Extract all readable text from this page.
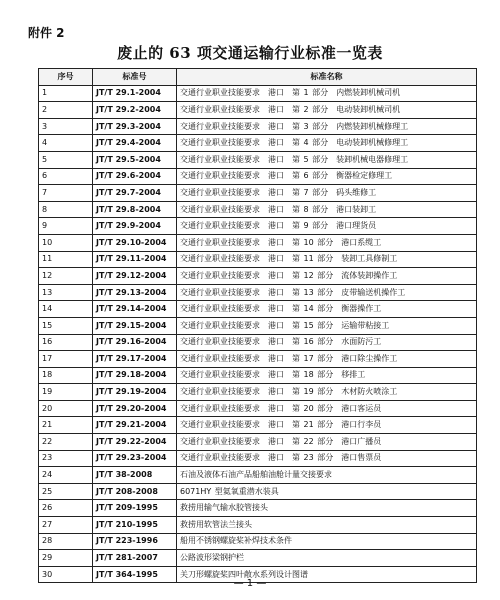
附件 2
废止的 63 项交通运输行业标准一览表
序号	标准号	标准名称
1	JT/T 29.1-2004	交通行业职业技能要求　港口　第 1 部分　内燃装卸机械司机
2	JT/T 29.2-2004	交通行业职业技能要求　港口　第 2 部分　电动装卸机械司机
3	JT/T 29.3-2004	交通行业职业技能要求　港口　第 3 部分　内燃装卸机械修理工
4	JT/T 29.4-2004	交通行业职业技能要求　港口　第 4 部分　电动装卸机械修理工
5	JT/T 29.5-2004	交通行业职业技能要求　港口　第 5 部分　装卸机械电器修理工
6	JT/T 29.6-2004	交通行业职业技能要求　港口　第 6 部分　衡器检定修理工
7	JT/T 29.7-2004	交通行业职业技能要求　港口　第 7 部分　码头维修工
8	JT/T 29.8-2004	交通行业职业技能要求　港口　第 8 部分　港口装卸工
9	JT/T 29.9-2004	交通行业职业技能要求　港口　第 9 部分　港口理货员
10	JT/T 29.10-2004	交通行业职业技能要求　港口　第 10 部分　港口系缆工
11	JT/T 29.11-2004	交通行业职业技能要求　港口　第 11 部分　装卸工具修制工
12	JT/T 29.12-2004	交通行业职业技能要求　港口　第 12 部分　流体装卸操作工
13	JT/T 29.13-2004	交通行业职业技能要求　港口　第 13 部分　皮带输送机操作工
14	JT/T 29.14-2004	交通行业职业技能要求　港口　第 14 部分　衡器操作工
15	JT/T 29.15-2004	交通行业职业技能要求　港口　第 15 部分　运输带粘接工
16	JT/T 29.16-2004	交通行业职业技能要求　港口　第 16 部分　水面防污工
17	JT/T 29.17-2004	交通行业职业技能要求　港口　第 17 部分　港口除尘操作工
18	JT/T 29.18-2004	交通行业职业技能要求　港口　第 18 部分　移排工
19	JT/T 29.19-2004	交通行业职业技能要求　港口　第 19 部分　木材防火喷涂工
20	JT/T 29.20-2004	交通行业职业技能要求　港口　第 20 部分　港口客运员
21	JT/T 29.21-2004	交通行业职业技能要求　港口　第 21 部分　港口行李员
22	JT/T 29.22-2004	交通行业职业技能要求　港口　第 22 部分　港口广播员
23	JT/T 29.23-2004	交通行业职业技能要求　港口　第 23 部分　港口售票员
24	JT/T 38-2008	石油及液体石油产品船舶油舱计量交接要求
25	JT/T 208-2008	6071HY 型氦氧重潜水装具
26	JT/T 209-1995	救捞用输气输水胶管接头
27	JT/T 210-1995	救捞用软管法兰接头
28	JT/T 223-1996	船用不锈钢螺旋桨补焊技术条件
29	JT/T 281-2007	公路波形梁钢护栏
30	JT/T 364-1995	关刀形螺旋桨四叶敞水系列设计图谱
— 1 —
